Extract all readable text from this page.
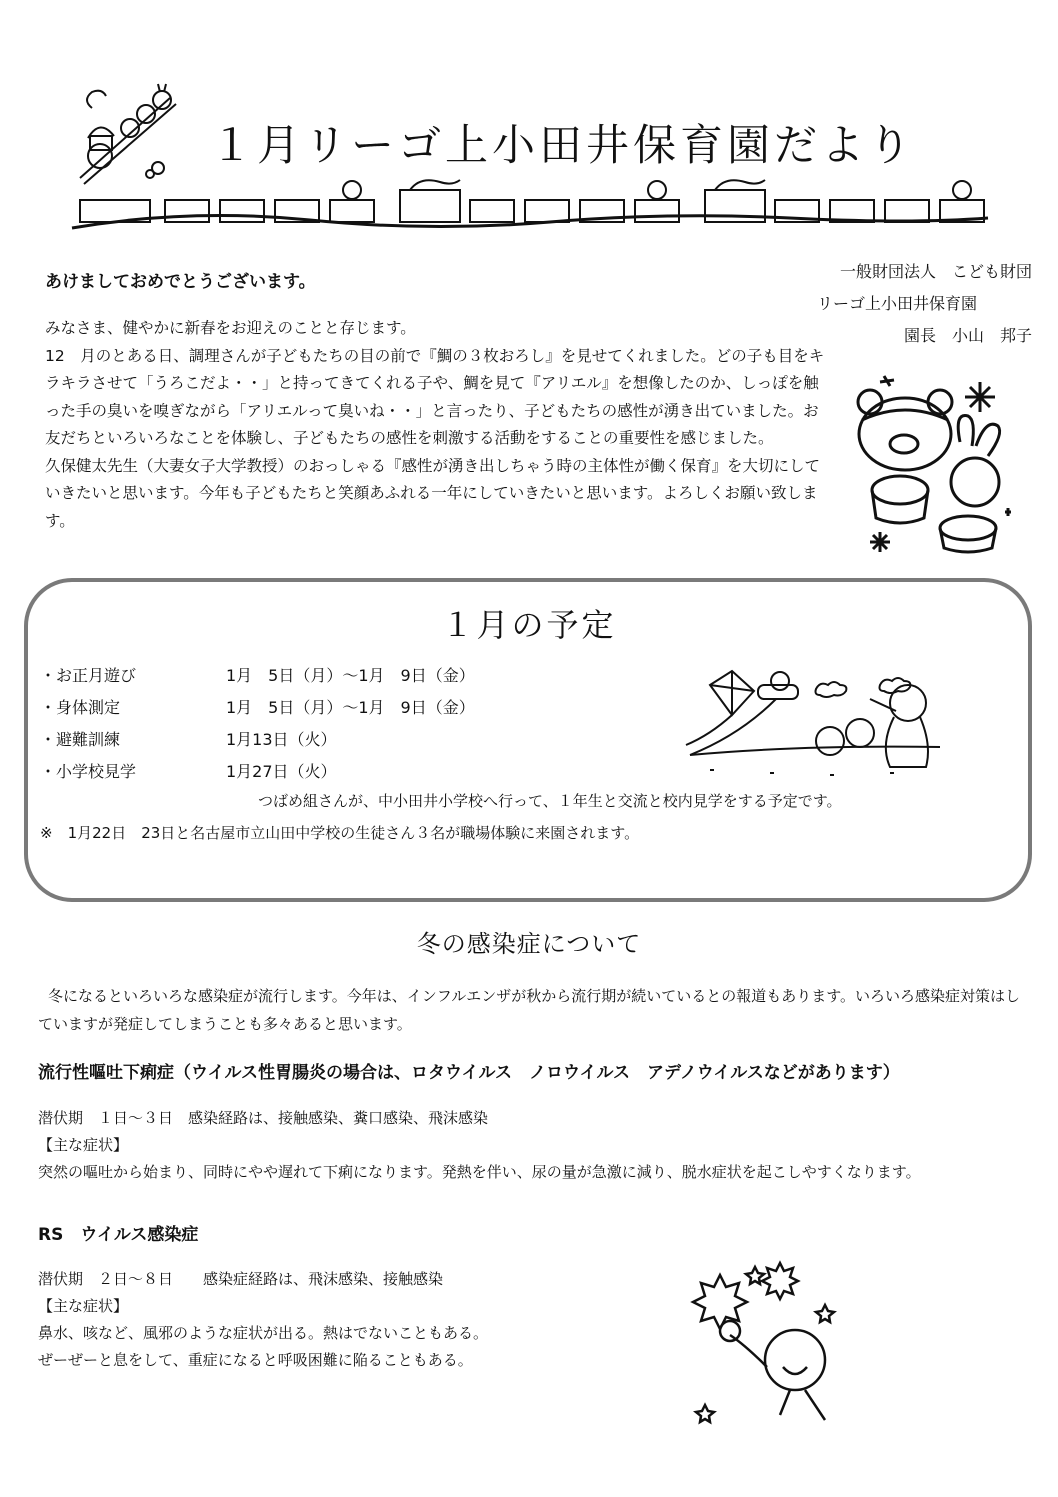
１月リーゴ上小田井保育園だより
一般財団法人　こども財団
リーゴ上小田井保育園
園長　小山　邦子
あけましておめでとうございます。

みなさま、健やかに新春をお迎えのことと存じます。

12　月のとある日、調理さんが子どもたちの目の前で『鯛の３枚おろし』を見せてくれました。どの子も目をキラキラさせて「うろこだよ・・」と持ってきてくれる子や、鯛を見て『アリエル』を想像したのか、しっぽを触った手の臭いを嗅ぎながら「アリエルって臭いね・・」と言ったり、子どもたちの感性が湧き出ていました。お友だちといろいろなことを体験し、子どもたちの感性を刺激する活動をすることの重要性を感じました。

久保健太先生（大妻女子大学教授）のおっしゃる『感性が湧き出しちゃう時の主体性が働く保育』を大切にしていきたいと思います。今年も子どもたちと笑顔あふれる一年にしていきたいと思います。よろしくお願い致します。

１月の予定
・お正月遊び	1月　5日（月）～1月　9日（金）
・身体測定	1月　5日（月）～1月　9日（金）
・避難訓練	1月13日（火）
・小学校見学	1月27日（火）
つばめ組さんが、中小田井小学校へ行って、１年生と交流と校内見学をする予定です。
※　1月22日　23日と名古屋市立山田中学校の生徒さん３名が職場体験に来園されます。
冬の感染症について

冬になるといろいろな感染症が流行します。今年は、インフルエンザが秋から流行期が続いているとの報道もあります。いろいろ感染症対策はしていますが発症してしまうことも多々あると思います。

流行性嘔吐下痢症（ウイルス性胃腸炎の場合は、ロタウイルス　ノロウイルス　アデノウイルスなどがあります）

潜伏期　１日～３日　感染経路は、接触感染、糞口感染、飛沫感染

【主な症状】

突然の嘔吐から始まり、同時にやや遅れて下痢になります。発熱を伴い、尿の量が急激に減り、脱水症状を起こしやすくなります。

RS　ウイルス感染症

潜伏期　２日～８日　　感染症経路は、飛沫感染、接触感染

【主な症状】

鼻水、咳など、風邪のような症状が出る。熱はでないこともある。

ぜーぜーと息をして、重症になると呼吸困難に陥ることもある。
